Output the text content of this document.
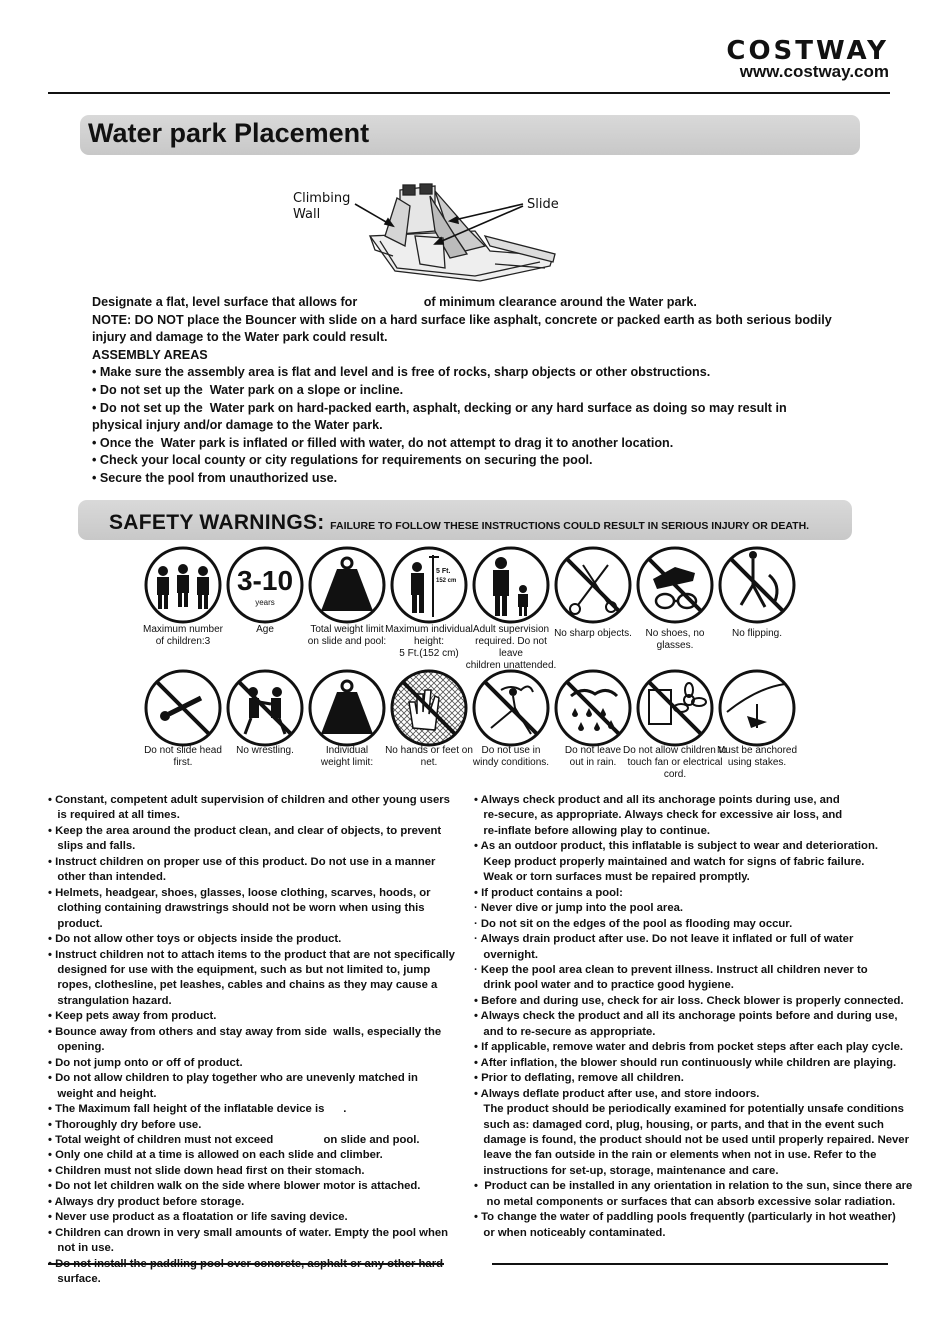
COSTWAY
www.costway.com
Water park Placement
Climbing
Wall
Slide
Designate a flat, level surface that allows for                   of minimum clearance around the Water park.
NOTE: DO NOT place the Bouncer with slide on a hard surface like asphalt, concrete or packed earth as both serious bodily
injury and damage to the Water park could result.
ASSEMBLY AREAS
• Make sure the assembly area is flat and level and is free of rocks, sharp objects or other obstructions.
• Do not set up the  Water park on a slope or incline.
• Do not set up the  Water park on hard-packed earth, asphalt, decking or any hard surface as doing so may result in
physical injury and/or damage to the Water park.
• Once the  Water park is inflated or filled with water, do not attempt to drag it to another location.
• Check your local county or city regulations for requirements on securing the pool.
• Secure the pool from unauthorized use.
SAFETY WARNINGS: FAILURE TO FOLLOW THESE INSTRUCTIONS COULD RESULT IN SERIOUS INJURY OR DEATH.
3-10
years
5 Ft.
152 cm
Maximum number
of children:3
Age	Total weight limit
on slide and pool:
Maximum individual
height:
5 Ft.(152 cm)
Adult supervision
required. Do not leave
children unattended.
No sharp objects.	No shoes, no glasses.
No flipping.
Do not slide head first.
No wrestling.	Individual
weight limit:
No hands or feet on net.
Do not use in
windy conditions.
Do not leave
out in rain.
Do not allow children to
touch fan or electrical cord.
Must be anchored
using stakes.
• Constant, competent adult supervision of children and other young users
is required at all times.
• Keep the area around the product clean, and clear of objects, to prevent
slips and falls.
• Instruct children on proper use of this product. Do not use in a manner
other than intended.
• Helmets, headgear, shoes, glasses, loose clothing, scarves, hoods, or
clothing containing drawstrings should not be worn when using this
product.
• Do not allow other toys or objects inside the product.
• Instruct children not to attach items to the product that are not specifically
designed for use with the equipment, such as but not limited to, jump
ropes, clothesline, pet leashes, cables and chains as they may cause a
strangulation hazard.
• Keep pets away from product.
• Bounce away from others and stay away from side  walls, especially the
opening.
• Do not jump onto or off of product.
• Do not allow children to play together who are unevenly matched in
weight and height.
• The Maximum fall height of the inflatable device is      .
• Thoroughly dry before use.
• Total weight of children must not exceed                on slide and pool.
• Only one child at a time is allowed on each slide and climber.
• Children must not slide down head first on their stomach.
• Do not let children walk on the side where blower motor is attached.
• Always dry product before storage.
• Never use product as a floatation or life saving device.
• Children can drown in very small amounts of water. Empty the pool when
not in use.
surface.
• Always check product and all its anchorage points during use, and
re-secure, as appropriate. Always check for excessive air loss, and
re-inflate before allowing play to continue.
• As an outdoor product, this inflatable is subject to wear and deterioration.
Keep product properly maintained and watch for signs of fabric failure.
Weak or torn surfaces must be repaired promptly.
• If product contains a pool:
· Never dive or jump into the pool area.
· Do not sit on the edges of the pool as flooding may occur.
· Always drain product after use. Do not leave it inflated or full of water
overnight.
· Keep the pool area clean to prevent illness. Instruct all children never to
drink pool water and to practice good hygiene.
• Before and during use, check for air loss. Check blower is properly connected.
• Always check the product and all its anchorage points before and during use,
and to re-secure as appropriate.
• If applicable, remove water and debris from pocket steps after each play cycle.
• After inflation, the blower should run continuously while children are playing.
• Prior to deflating, remove all children.
• Always deflate product after use, and store indoors.
The product should be periodically examined for potentially unsafe conditions
such as: damaged cord, plug, housing, or parts, and that in the event such
damage is found, the product should not be used until properly repaired. Never
leave the fan outside in the rain or elements when not in use. Refer to the
instructions for set-up, storage, maintenance and care.
•  Product can be installed in any orientation in relation to the sun, since there are
no metal components or surfaces that can absorb excessive solar radiation.
• To change the water of paddling pools frequently (particularly in hot weather)
or when noticeably contaminated.
